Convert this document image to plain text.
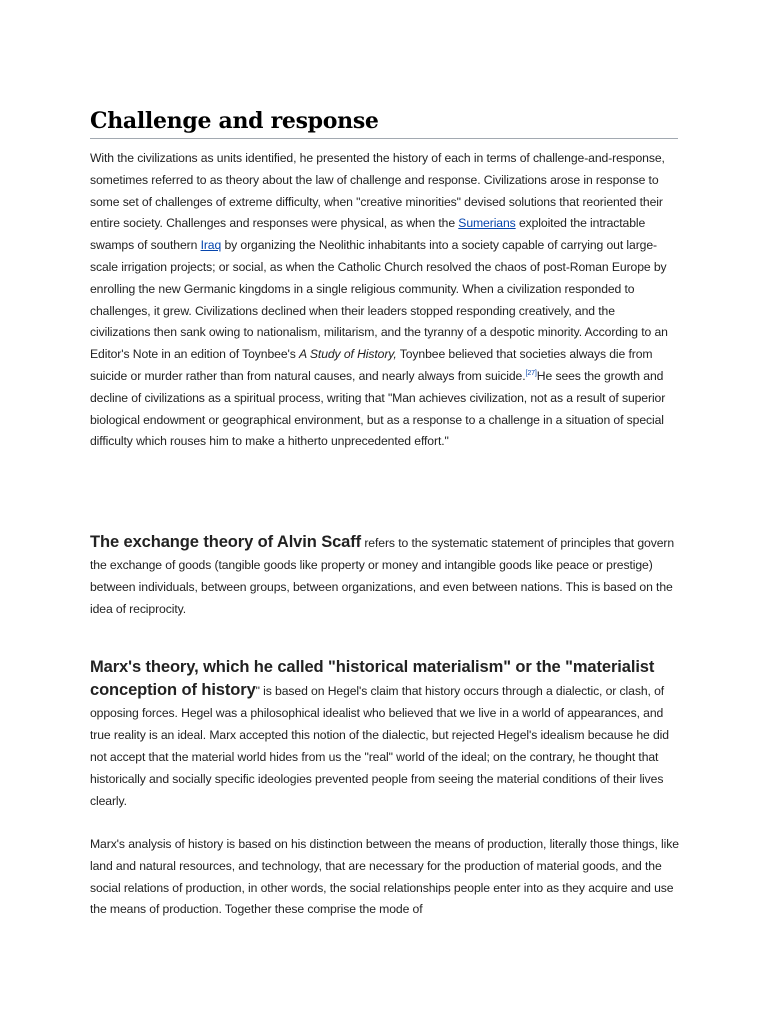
Challenge and response

With the civilizations as units identified, he presented the history of each in terms of challenge-and-response, sometimes referred to as theory about the law of challenge and response. Civilizations arose in response to some set of challenges of extreme difficulty, when "creative minorities" devised solutions that reoriented their entire society. Challenges and responses were physical, as when the Sumerians exploited the intractable swamps of southern Iraq by organizing the Neolithic inhabitants into a society capable of carrying out large-scale irrigation projects; or social, as when the Catholic Church resolved the chaos of post-Roman Europe by enrolling the new Germanic kingdoms in a single religious community. When a civilization responded to challenges, it grew. Civilizations declined when their leaders stopped responding creatively, and the civilizations then sank owing to nationalism, militarism, and the tyranny of a despotic minority. According to an Editor's Note in an edition of Toynbee's A Study of History, Toynbee believed that societies always die from suicide or murder rather than from natural causes, and nearly always from suicide.[27]He sees the growth and decline of civilizations as a spiritual process, writing that "Man achieves civilization, not as a result of superior biological endowment or geographical environment, but as a response to a challenge in a situation of special difficulty which rouses him to make a hitherto unprecedented effort."

The exchange theory of Alvin Scaff refers to the systematic statement of principles that govern the exchange of goods (tangible goods like property or money and intangible goods like peace or prestige) between individuals, between groups, between organizations, and even between nations. This is based on the idea of reciprocity.

Marx's theory, which he called "historical materialism" or the "materialist conception of history" is based on Hegel's claim that history occurs through a dialectic, or clash, of opposing forces. Hegel was a philosophical idealist who believed that we live in a world of appearances, and true reality is an ideal. Marx accepted this notion of the dialectic, but rejected Hegel's idealism because he did not accept that the material world hides from us the "real" world of the ideal; on the contrary, he thought that historically and socially specific ideologies prevented people from seeing the material conditions of their lives clearly.

Marx's analysis of history is based on his distinction between the means of production, literally those things, like land and natural resources, and technology, that are necessary for the production of material goods, and the social relations of production, in other words, the social relationships people enter into as they acquire and use the means of production. Together these comprise the mode of
